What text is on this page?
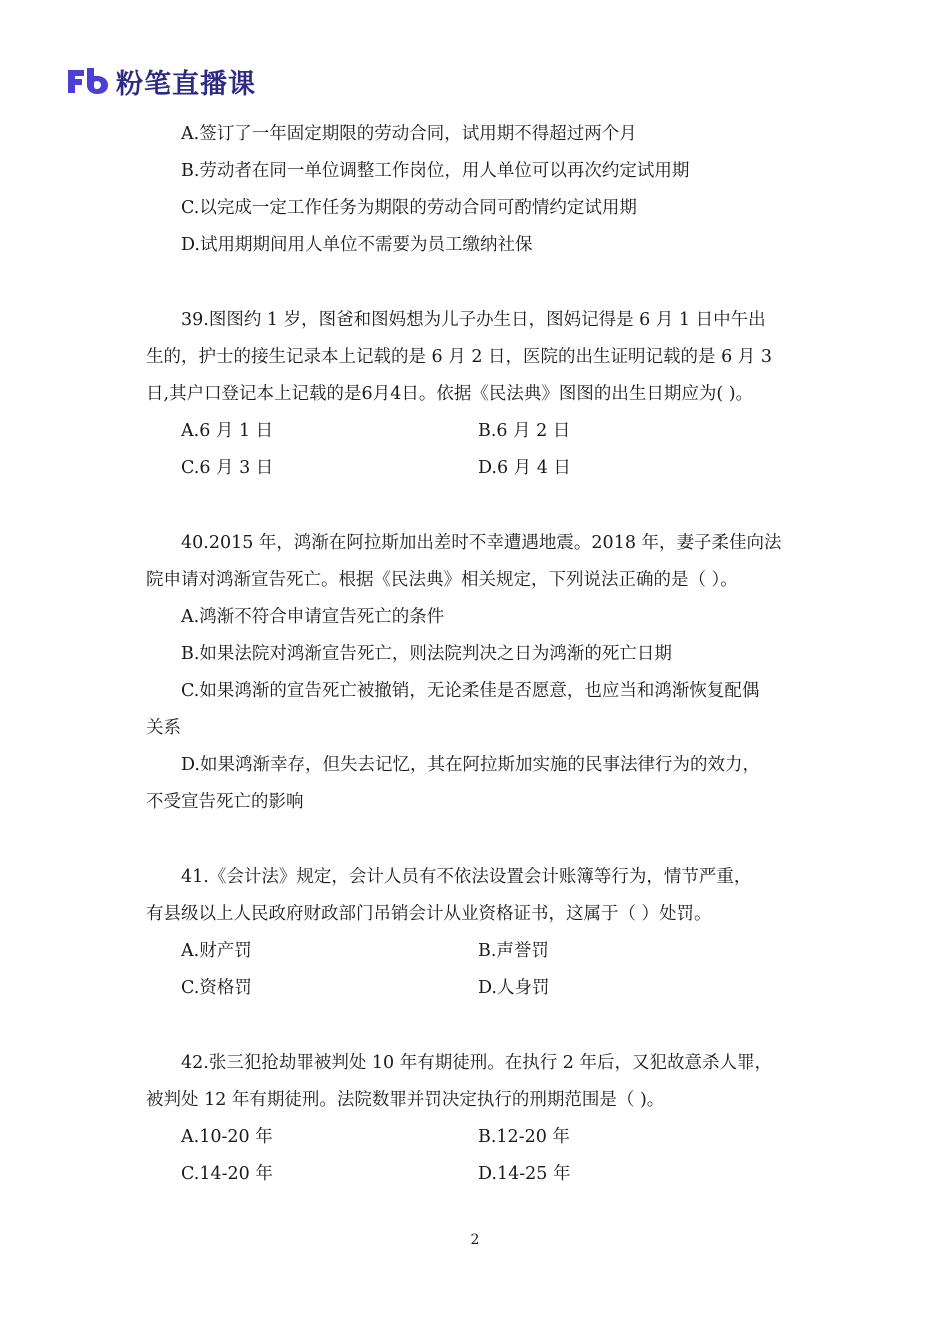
粉笔直播课
A.签订了一年固定期限的劳动合同，试用期不得超过两个月
B.劳动者在同一单位调整工作岗位，用人单位可以再次约定试用期
C.以完成一定工作任务为期限的劳动合同可酌情约定试用期
D.试用期期间用人单位不需要为员工缴纳社保
39.图图约 1 岁，图爸和图妈想为儿子办生日，图妈记得是 6 月 1 日中午出
生的，护士的接生记录本上记载的是 6 月 2 日，医院的出生证明记载的是 6 月 3
日,其户口登记本上记载的是6月4日。依据《民法典》图图的出生日期应为( )。
A.6 月 1 日	B.6 月 2 日
C.6 月 3 日	D.6 月 4 日
40.2015 年，鸿渐在阿拉斯加出差时不幸遭遇地震。2018 年，妻子柔佳向法
院申请对鸿渐宣告死亡。根据《民法典》相关规定，下列说法正确的是（ ）。
A.鸿渐不符合申请宣告死亡的条件
B.如果法院对鸿渐宣告死亡，则法院判决之日为鸿渐的死亡日期
C.如果鸿渐的宣告死亡被撤销，无论柔佳是否愿意，也应当和鸿渐恢复配偶
关系
D.如果鸿渐幸存，但失去记忆，其在阿拉斯加实施的民事法律行为的效力，
不受宣告死亡的影响
41.《会计法》规定，会计人员有不依法设置会计账簿等行为，情节严重，
有县级以上人民政府财政部门吊销会计从业资格证书，这属于（ ）处罚。
A.财产罚	B.声誉罚
C.资格罚	D.人身罚
42.张三犯抢劫罪被判处 10 年有期徒刑。在执行 2 年后，又犯故意杀人罪，
被判处 12 年有期徒刑。法院数罪并罚决定执行的刑期范围是（ )。
A.10-20 年	B.12-20 年
C.14-20 年	D.14-25 年
2
